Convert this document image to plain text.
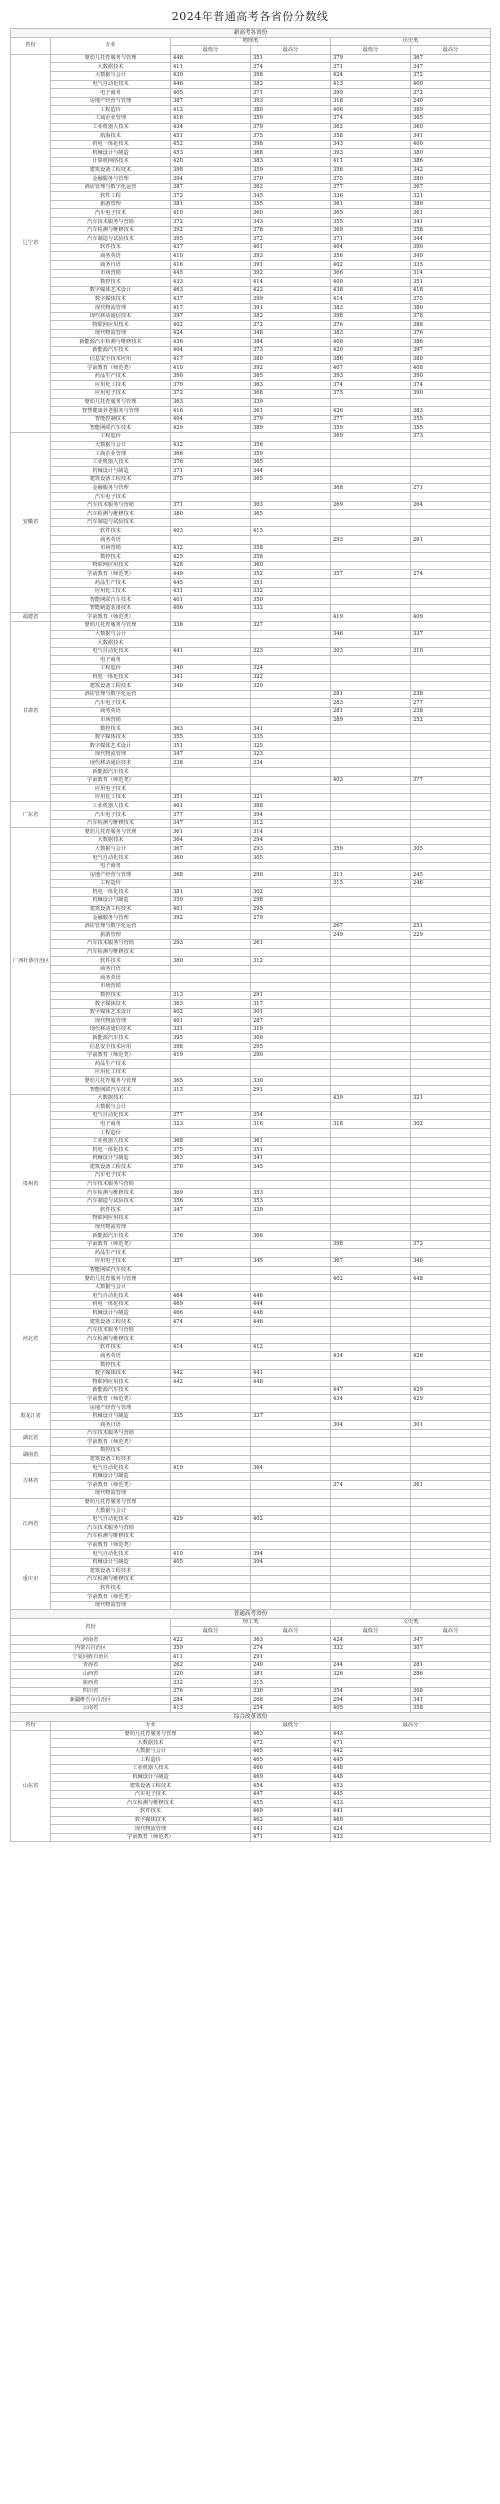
2024年普通高考各省份分数线
新高考各省份					
省份	专业	物理类		历史类	
		最低分	最高分	最低分	最高分
辽宁省	婴幼儿托育服务与管理	448	351	379	367
	大数据技术	411	374	371	347
	大数据与会计	439	398	424	372
	电气自动化技术	446	382	413	400
	电子商务	405	371	399	372
	房地产经营与管理	387	393	318	240
	工程造价	412	380	406	389
	工商企业管理	416	359	374	365
	工业机器人技术	434	379	362	360
	航海技术	451	375	358	341
	机电一体化技术	452	398	343	400
	机械设计与制造	453	368	393	380
	计算机网络技术	420	383	411	386
	建筑设备工程技术	398	359	356	342
	金融服务与管理	394	370	375	380
	酒店管理与数字化运营	387	362	377	367
	软件工程	372	345	336	321
	旅游管理	381	355	361	380
	汽车电子技术	410	360	365	361
	汽车技术服务与营销	372	343	355	341
	汽车检测与维修技术	392	378	369	358
	汽车制造与试验技术	395	372	371	344
	软件技术	437	401	404	390
	商务英语	410	393	356	340
	商务日语	416	391	402	335
	市场营销	445	392	366	314
	数控技术	433	414	400	351
	数字媒体艺术设计	463	422	438	418
	数字媒体技术	437	399	414	375
	现代物流管理	417	391	383	380
	现代移动通信技术	397	382	398	378
	物联网应用技术	402	372	376	388
	现代物流管理	424	348	383	376
	新能源汽车检测与维修技术	436	384	400	386
	新能源汽车技术	404	373	420	397
	信息安全技术应用	417	380	386	380
	学前教育（师范类）	410	392	407	408
	药品生产技术	390	365	393	390
	应用化工技术	379	363	374	374
	应用电子技术	372	368	375	390
	婴幼儿托育服务与管理	363	339		
	智慧健康养老服务与管理	416	361	426	383
	智能控制技术	404	379	377	355
	智能网联汽车技术	429	389	359	355
安徽省	工程造价			369	373
	大数据与会计	432	356		
	工商企业管理	366	359		
	工业机器人技术	376	365		
	机械设计与制造	371	344		
	建筑设备工程技术	375	365		
	金融服务与管理			368	271
	汽车电子技术				
	汽车技术服务与营销	371	363	269	264
	汽车检测与维修技术	380	365		
	汽车制造与试验技术				
	软件技术	403	415		
	商务英语			293	261
	市场营销	432	358		
	数控技术	425	358		
	物联网应用技术	428	360		
	学前教育（师范类）	449	352	357	274
	药品生产技术	445	351		
	应用化工技术	431	332		
	智能网联汽车技术	401	350		
	智能制造装备技术	406	332		
福建省	学前教育（师范类）			419	409
甘肃省	婴幼儿托育服务与管理	336	327		
	大数据与会计			346	337
	大数据技术				
	电气自动化技术	441	323	303	310
	电子商务				
	工程造价	340	324		
	机电一体化技术	341	322		
	建筑设备工程技术	340	320		
	酒店管理与数字化运营			281	238
	汽车电子技术			283	277
	商务英语			281	238
	市场营销			289	252
	数控技术	363	341		
	数字媒体技术	355	335		
	数字媒体艺术设计	351	325		
	现代物流管理	347	323		
	现代移动通信技术	338	334		
	新能源汽车技术				
	学前教育（师范类）			403	377
	应用电子技术				
	应用化工技术	351	321		
广东省	工业机器人技术	461	388		
	汽车电子技术	377	394		
	汽车检测与维修技术	347	312		
广西壮族自治区	婴幼儿托育服务与管理	361	314		
	大数据技术	364	294		
	大数据与会计	367	293	359	305
	电气自动化技术	360	305		
	电子商务				
	房地产经营与管理	368	290	311	245
	工程造价			315	246
	机电一体化技术	381	302		
	机械设计与制造	359	298		
	建筑设备工程技术	401	295		
	金融服务与管理	392	279		
	酒店管理与数字化运营			267	251
	旅游管理			249	229
	汽车技术服务与营销	293	261		
	汽车检测与维修技术				
	软件技术	380	312		
	商务日语				
	商务英语				
	市场营销				
	数控技术	313	291		
	数字媒体技术	363	317		
	数字媒体艺术设计	402	301		
	现代物流管理	401	287		
	现代移动通信技术	331	319		
	新能源汽车技术	395	300		
	信息安全技术应用	398	295		
	学前教育（师范类）	419	290		
	药品生产技术				
	应用化工技术				
	婴幼儿托育服务与管理	365	330		
	智能网联汽车技术	313	291		
贵州省	大数据技术			439	321
	大数据与会计				
	电气自动化技术	377	354		
	电子商务	323	316	318	302
	工程造价				
	工业机器人技术	368	361		
	机电一体化技术	375	351		
	机械设计与制造	363	341		
	建筑设备工程技术	370	345		
	汽车电子技术				
	汽车技术服务与营销				
	汽车检测与维修技术	369	353		
	汽车制造与试验技术	356	353		
	软件技术	347	330		
	物联网应用技术				
	现代物流管理				
	新能源汽车技术	376	366		
	学前教育（师范类）			398	372
	药品生产技术				
	应用电子技术	357	345	367	346
	智能网联汽车技术				
河北省	婴幼儿托育服务与管理			402	448
	大数据与会计				
	电气自动化技术	464	446		
	机电一体化技术	469	444		
	机械设计与制造	466	448		
	建筑设备工程技术	474	446		
	汽车技术服务与营销				
	汽车检测与维修技术				
	软件技术	414	412		
	商务英语			434	426
	数控技术				
	数字媒体技术	442	441		
	物联网应用技术	442	448		
	新能源汽车技术			447	429
	学前教育（师范类）			434	429
黑龙江省	房地产经营与管理				
	机械设计与制造	335	337		
	商务日语			304	301
湖北省	汽车技术服务与营销				
	学前教育（师范类）				
湖南省	数控技术				
	建筑设备工程技术				
吉林省	电气自动化技术	419	364		
	机械设计与制造				
	学前教育（师范类）			374	361
	现代物流管理				
江西省	婴幼儿托育服务与管理				
	大数据与会计				
	电气自动化技术	429	402		
	汽车技术服务与营销				
	汽车检测与维修技术				
	学前教育（师范类）				
重庆市	电气自动化技术	410	394		
	机械设计与制造	405	394		
	建筑设备工程技术				
	汽车检测与维修技术				
	软件技术				
	学前教育（师范类）				
	现代物流管理				
普通高考省份					
省份		理工类		文史类	
		最低分	最高分	最低分	最高分
河南省		422	363	424	347
内蒙古自治区		359	274	332	307
宁夏回族自治区		411	291		
青海省		262	240	244	281
山西省		320	381	326	286
陕西省		332	315		
四川省		376	330	354	308
新疆维吾尔自治区		284	268	294	341
云南省		413	254	405	358
综合改革省份					
省份	专业		最低分	最高分	
山东省	婴幼儿托育服务与管理		463	443	
	大数据技术		472	471	
	大数据与会计		465	442	
	工程造价		465	445	
	工业机器人技术		466	448	
	机械设计与制造		469	448	
	建筑设备工程技术		454	453	
	汽车电子技术		447	445	
	汽车检测与维修技术		455	433	
	软件技术		469	441	
	数字媒体技术		462	460	
	现代物流管理		441	424	
	学前教育（师范类）		471	433	
